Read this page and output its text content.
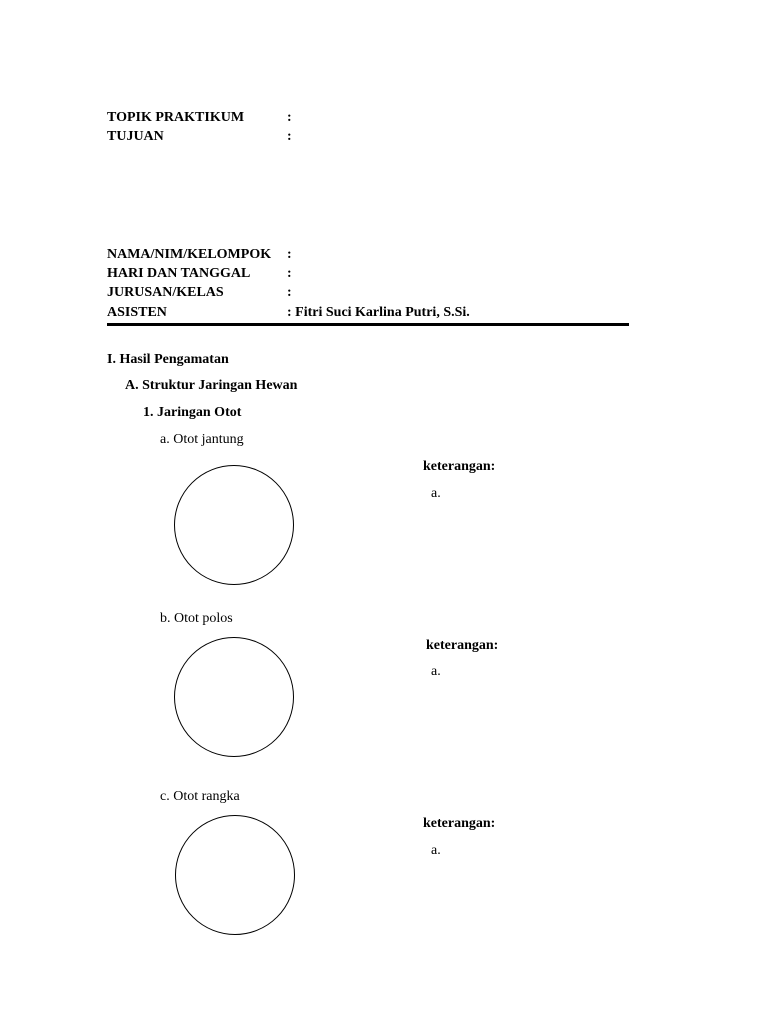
TOPIK PRAKTIKUM	:
TUJUAN	:
NAMA/NIM/KELOMPOK :
HARI DAN TANGGAL	:
JURUSAN/KELAS	:
ASISTEN	: Fitri Suci Karlina Putri, S.Si.
I. Hasil Pengamatan
A. Struktur Jaringan Hewan
1. Jaringan Otot
a. Otot jantung
keterangan:
a.
b. Otot polos
keterangan:
a.
c. Otot rangka
keterangan:
a.
